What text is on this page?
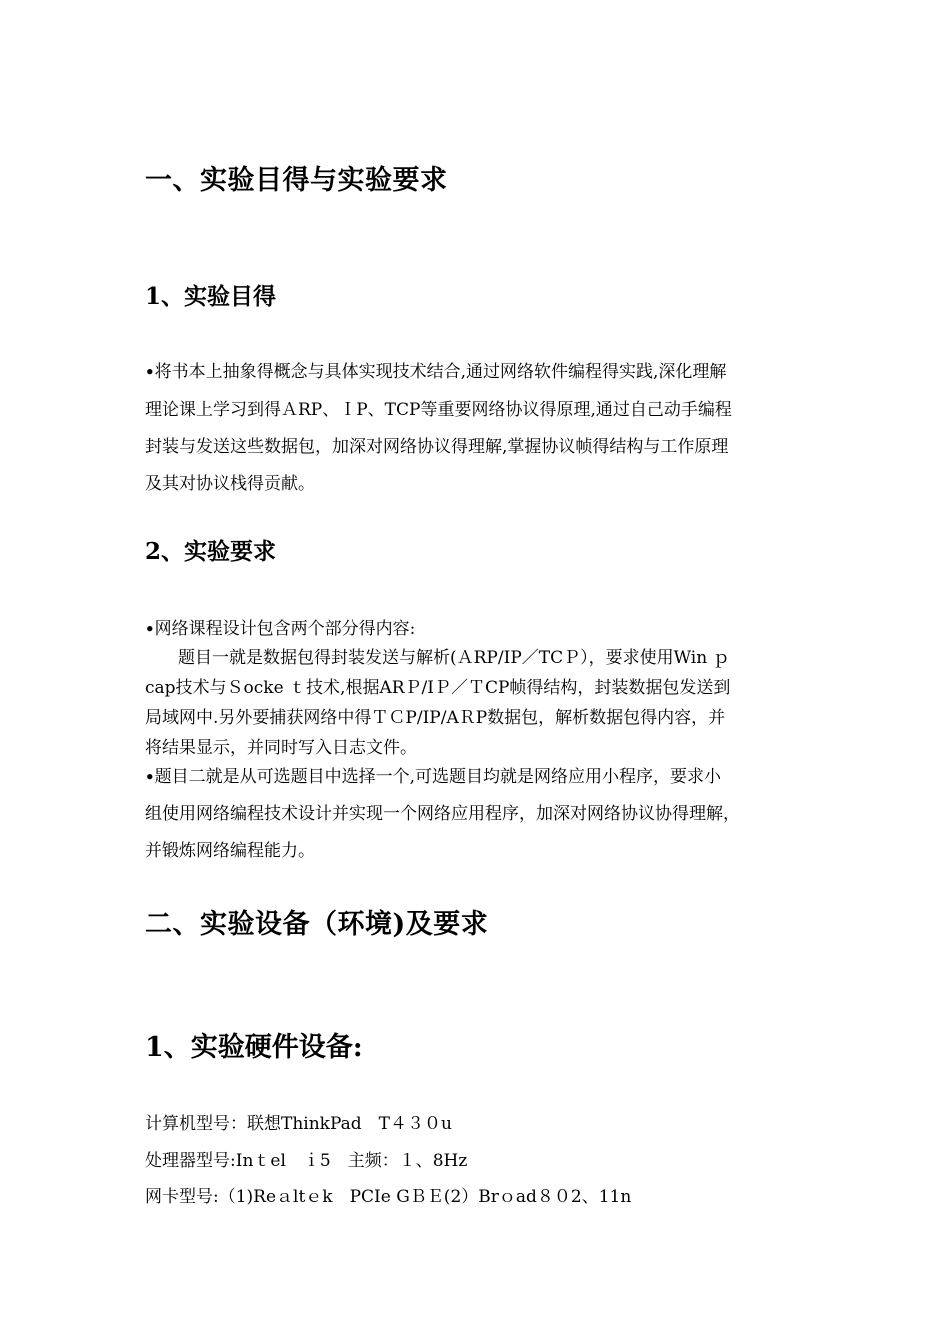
一、实验目得与实验要求
1、实验目得

•将书本上抽象得概念与具体实现技术结合,通过网络软件编程得实践,深化理解

理论课上学习到得ＡRP、ＩP、TCP等重要网络协议得原理,通过自己动手编程

封装与发送这些数据包，加深对网络协议得理解,掌握协议帧得结构与工作原理

及其对协议栈得贡献。

2、实验要求

•网络课程设计包含两个部分得内容:

题目一就是数据包得封装发送与解析(ＡRP/IP／TCＰ），要求使用Win ｐ

cap技术与Ｓocke ｔ技术,根据ARＰ/IＰ／ＴCP帧得结构，封装数据包发送到

局域网中.另外要捕获网络中得ＴＣP/IP/AＲP数据包，解析数据包得内容，并

将结果显示，并同时写入日志文件。

•题目二就是从可选题目中选择一个,可选题目均就是网络应用小程序，要求小

组使用网络编程技术设计并实现一个网络应用程序，加深对网络协议协得理解，

并锻炼网络编程能力。

二、实验设备（环境)及要求
1、实验硬件设备:

计算机型号：联想ThinkPad　T４３０u

处理器型号:Inｔel　ｉ5　主频：１、8Hz

网卡型号:（1)Reａltｅk　PCIe GＢＥ(2）Brｏad８０2、11n
